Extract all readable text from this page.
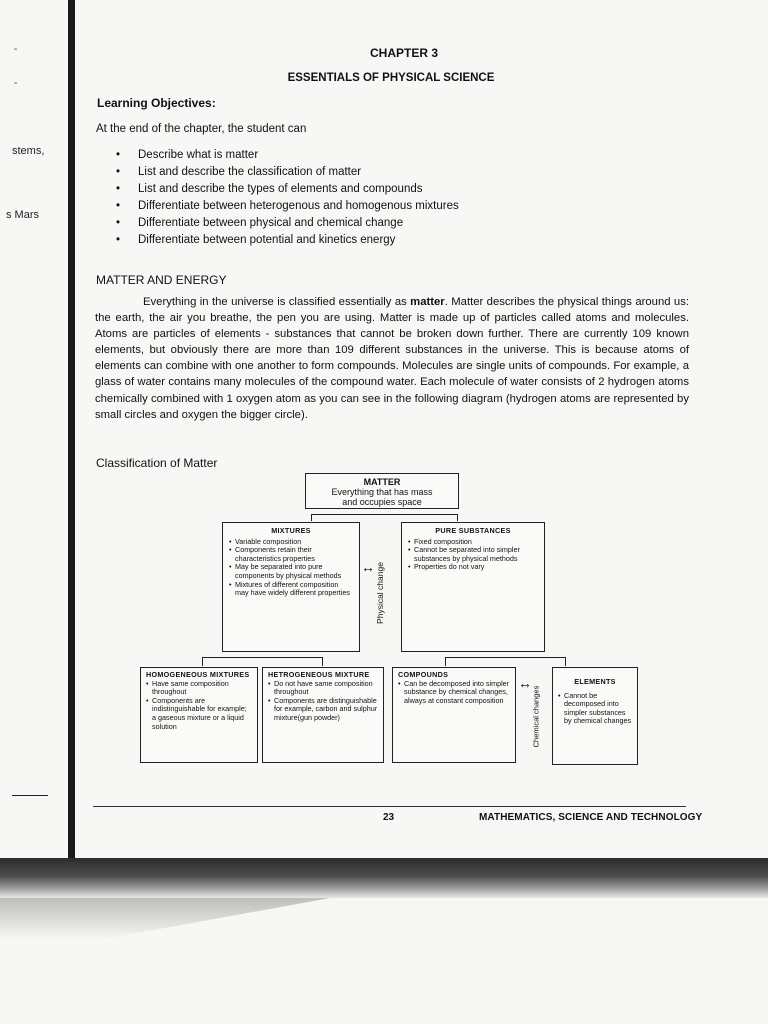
-
-
stems,
s Mars
CHAPTER 3
ESSENTIALS OF PHYSICAL SCIENCE
Learning Objectives:
At the end of the chapter, the student can
• Describe what is matter
• List and describe the classification of matter
• List and describe the types of elements and compounds
• Differentiate between heterogenous and homogenous mixtures
• Differentiate between physical and chemical change
• Differentiate between potential and kinetics energy
MATTER AND ENERGY

Everything in the universe is classified essentially as matter. Matter describes the physical things around us: the earth, the air you breathe, the pen you are using. Matter is made up of particles called atoms and molecules. Atoms are particles of elements - substances that cannot be broken down further. There are currently 109 known elements, but obviously there are more than 109 different substances in the universe. This is because atoms of elements can combine with one another to form compounds. Molecules are single units of compounds. For example, a glass of water contains many molecules of the compound water. Each molecule of water consists of 2 hydrogen atoms chemically combined with 1 oxygen atom as you can see in the following diagram (hydrogen atoms are represented by small circles and oxygen the bigger circle).

Classification of Matter
MATTER
Everything that has mass
and occupies space
MIXTURES
• Variable composition
• Components retain their characteristics properties
• May be separated into pure components by physical methods
• Mixtures of different composition may have widely different properties
↔ Physical change
PURE SUBSTANCES
• Fixed composition
• Cannot be separated into simpler substances by physical methods
• Properties do not vary
HOMOGENEOUS MIXTURES
• Have same composition throughout
• Components are indistinguishable for example; a gaseous mixture or a liquid solution
HETROGENEOUS MIXTURE
• Do not have same composition throughout
• Components are distinguishable for example, carbon and sulphur mixture(gun powder)
COMPOUNDS
• Can be decomposed into simpler substance by chemical changes, always at constant composition
↔
Chemical changes
ELEMENTS
• Cannot be decomposed into simpler substances by chemical changes
23	MATHEMATICS, SCIENCE AND TECHNOLOGY
